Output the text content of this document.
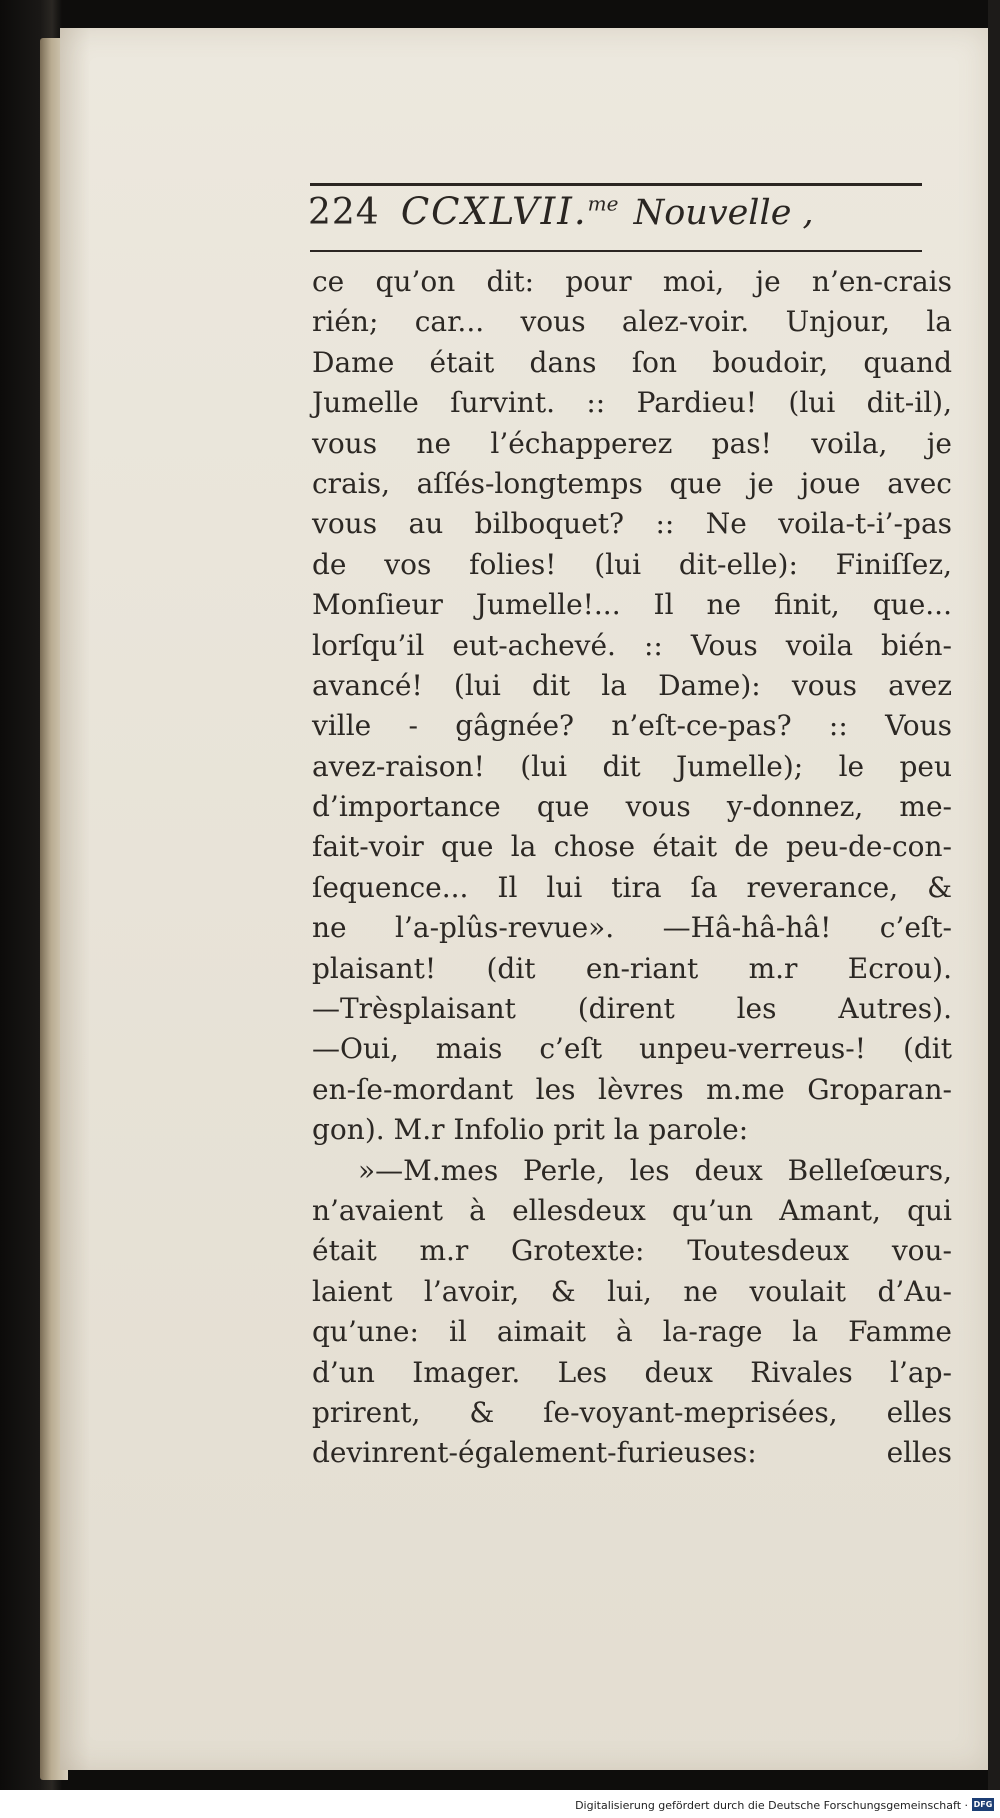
224 CCXLVII.$^{me}$ Nouvelle ,
ce qu’on dit: pour moi, je n’en-crais
rién; car... vous alez-voir. Unjour, la
Dame était dans ſon boudoir, quand
Jumelle ſurvint. :: Pardieu! (lui dit-il),
vous ne l’échapperez pas! voila, je
crais, aſſés-longtemps que je joue avec
vous au bilboquet? :: Ne voila-t-i’-pas
de vos folies! (lui dit-elle): Finiſſez,
Monſieur Jumelle!... Il ne finit, que...
lorſqu’il eut-achevé. :: Vous voila bién-
avancé! (lui dit la Dame): vous avez
ville - gâgnée? n’eſt-ce-pas? :: Vous
avez-raison! (lui dit Jumelle); le peu
d’importance que vous y-donnez, me-
fait-voir que la chose était de peu-de-con-
ſequence... Il lui tira ſa reverance, &
ne l’a-plûs-revue». —Hâ-hâ-hâ! c’eſt-
plaisant! (dit en-riant m.r Ecrou).
—Trèsplaisant (dirent les Autres).
—Oui, mais c’eſt unpeu-verreus-! (dit
en-ſe-mordant les lèvres m.me Groparan-
gon). M.r Infolio prit la parole:
»—M.mes Perle, les deux Belleſœurs,
n’avaient à ellesdeux qu’un Amant, qui
était m.r Grotexte: Toutesdeux vou-
laient l’avoir, & lui, ne voulait d’Au-
qu’une: il aimait à la-rage la Famme
d’un Imager. Les deux Rivales l’ap-
prirent, & ſe-voyant-meprisées, elles
devinrent-également-furieuses: elles
Digitalisierung gefördert durch die Deutsche Forschungsgemeinschaft · DFG
